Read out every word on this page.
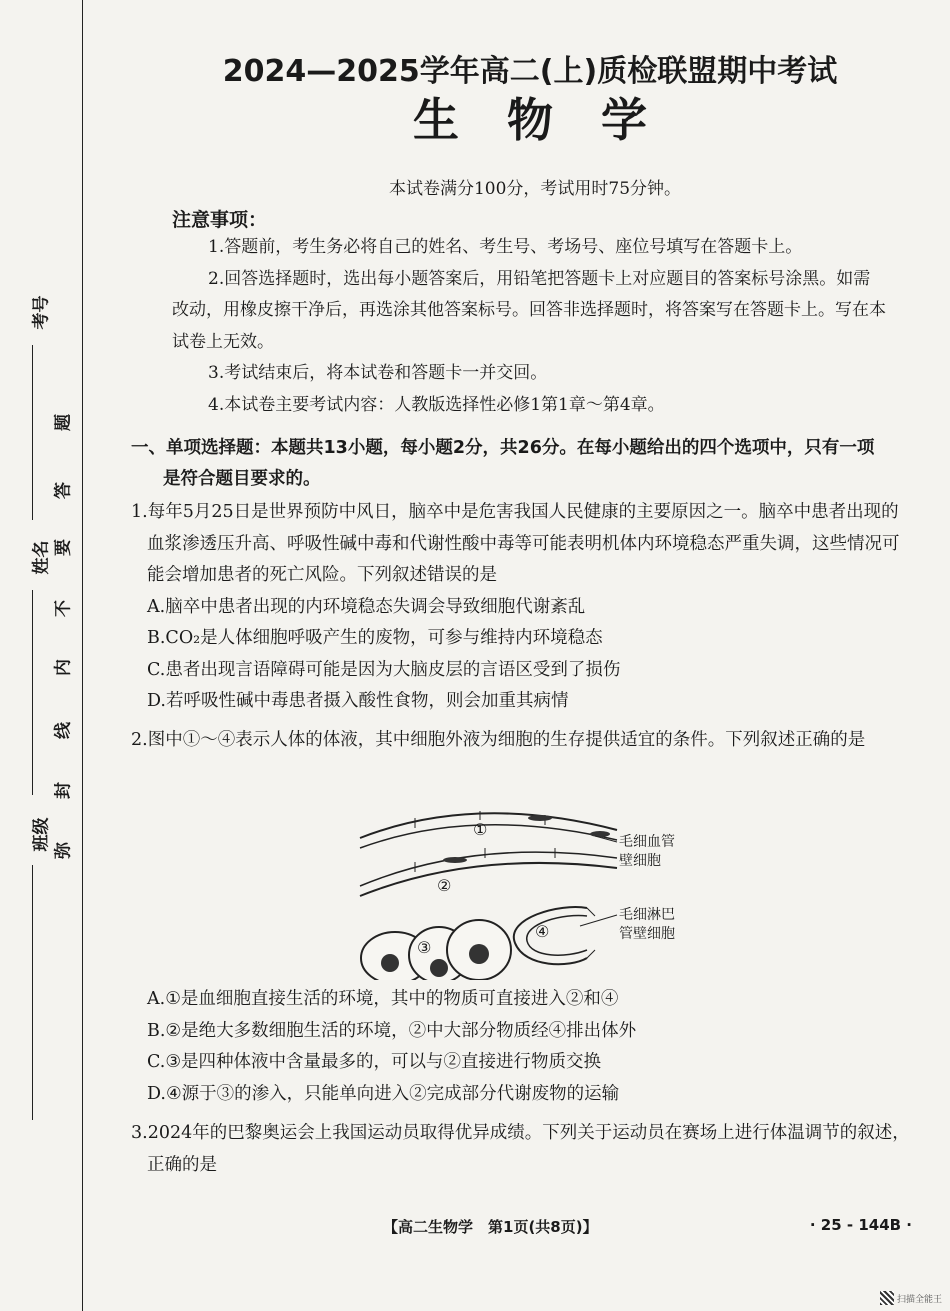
考号
姓名
班级
题
答
要
不
内
线
封
弥
2024—2025学年高二(上)质检联盟期中考试
生物学
本试卷满分100分，考试用时75分钟。
注意事项：

1.答题前，考生务必将自己的姓名、考生号、考场号、座位号填写在答题卡上。

2.回答选择题时，选出每小题答案后，用铅笔把答题卡上对应题目的答案标号涂黑。如需改动，用橡皮擦干净后，再选涂其他答案标号。回答非选择题时，将答案写在答题卡上。写在本试卷上无效。

3.考试结束后，将本试卷和答题卡一并交回。

4.本试卷主要考试内容：人教版选择性必修1第1章～第4章。

一、单项选择题：本题共13小题，每小题2分，共26分。在每小题给出的四个选项中，只有一项
是符合题目要求的。

1.每年5月25日是世界预防中风日，脑卒中是危害我国人民健康的主要原因之一。脑卒中患者出现的血浆渗透压升高、呼吸性碱中毒和代谢性酸中毒等可能表明机体内环境稳态严重失调，这些情况可能会增加患者的死亡风险。下列叙述错误的是

A.脑卒中患者出现的内环境稳态失调会导致细胞代谢紊乱

B.CO₂是人体细胞呼吸产生的废物，可参与维持内环境稳态

C.患者出现言语障碍可能是因为大脑皮层的言语区受到了损伤

D.若呼吸性碱中毒患者摄入酸性食物，则会加重其病情

2.图中①～④表示人体的体液，其中细胞外液为细胞的生存提供适宜的条件。下列叙述正确的是

①
②
③
④
毛细血管
壁细胞
毛细淋巴
管壁细胞

A.①是血细胞直接生活的环境，其中的物质可直接进入②和④

B.②是绝大多数细胞生活的环境，②中大部分物质经④排出体外

C.③是四种体液中含量最多的，可以与②直接进行物质交换

D.④源于③的渗入，只能单向进入②完成部分代谢废物的运输

3.2024年的巴黎奥运会上我国运动员取得优异成绩。下列关于运动员在赛场上进行体温调节的叙述，正确的是

【高二生物学　第1页(共8页)】	· 25 - 144B ·
扫描全能王
